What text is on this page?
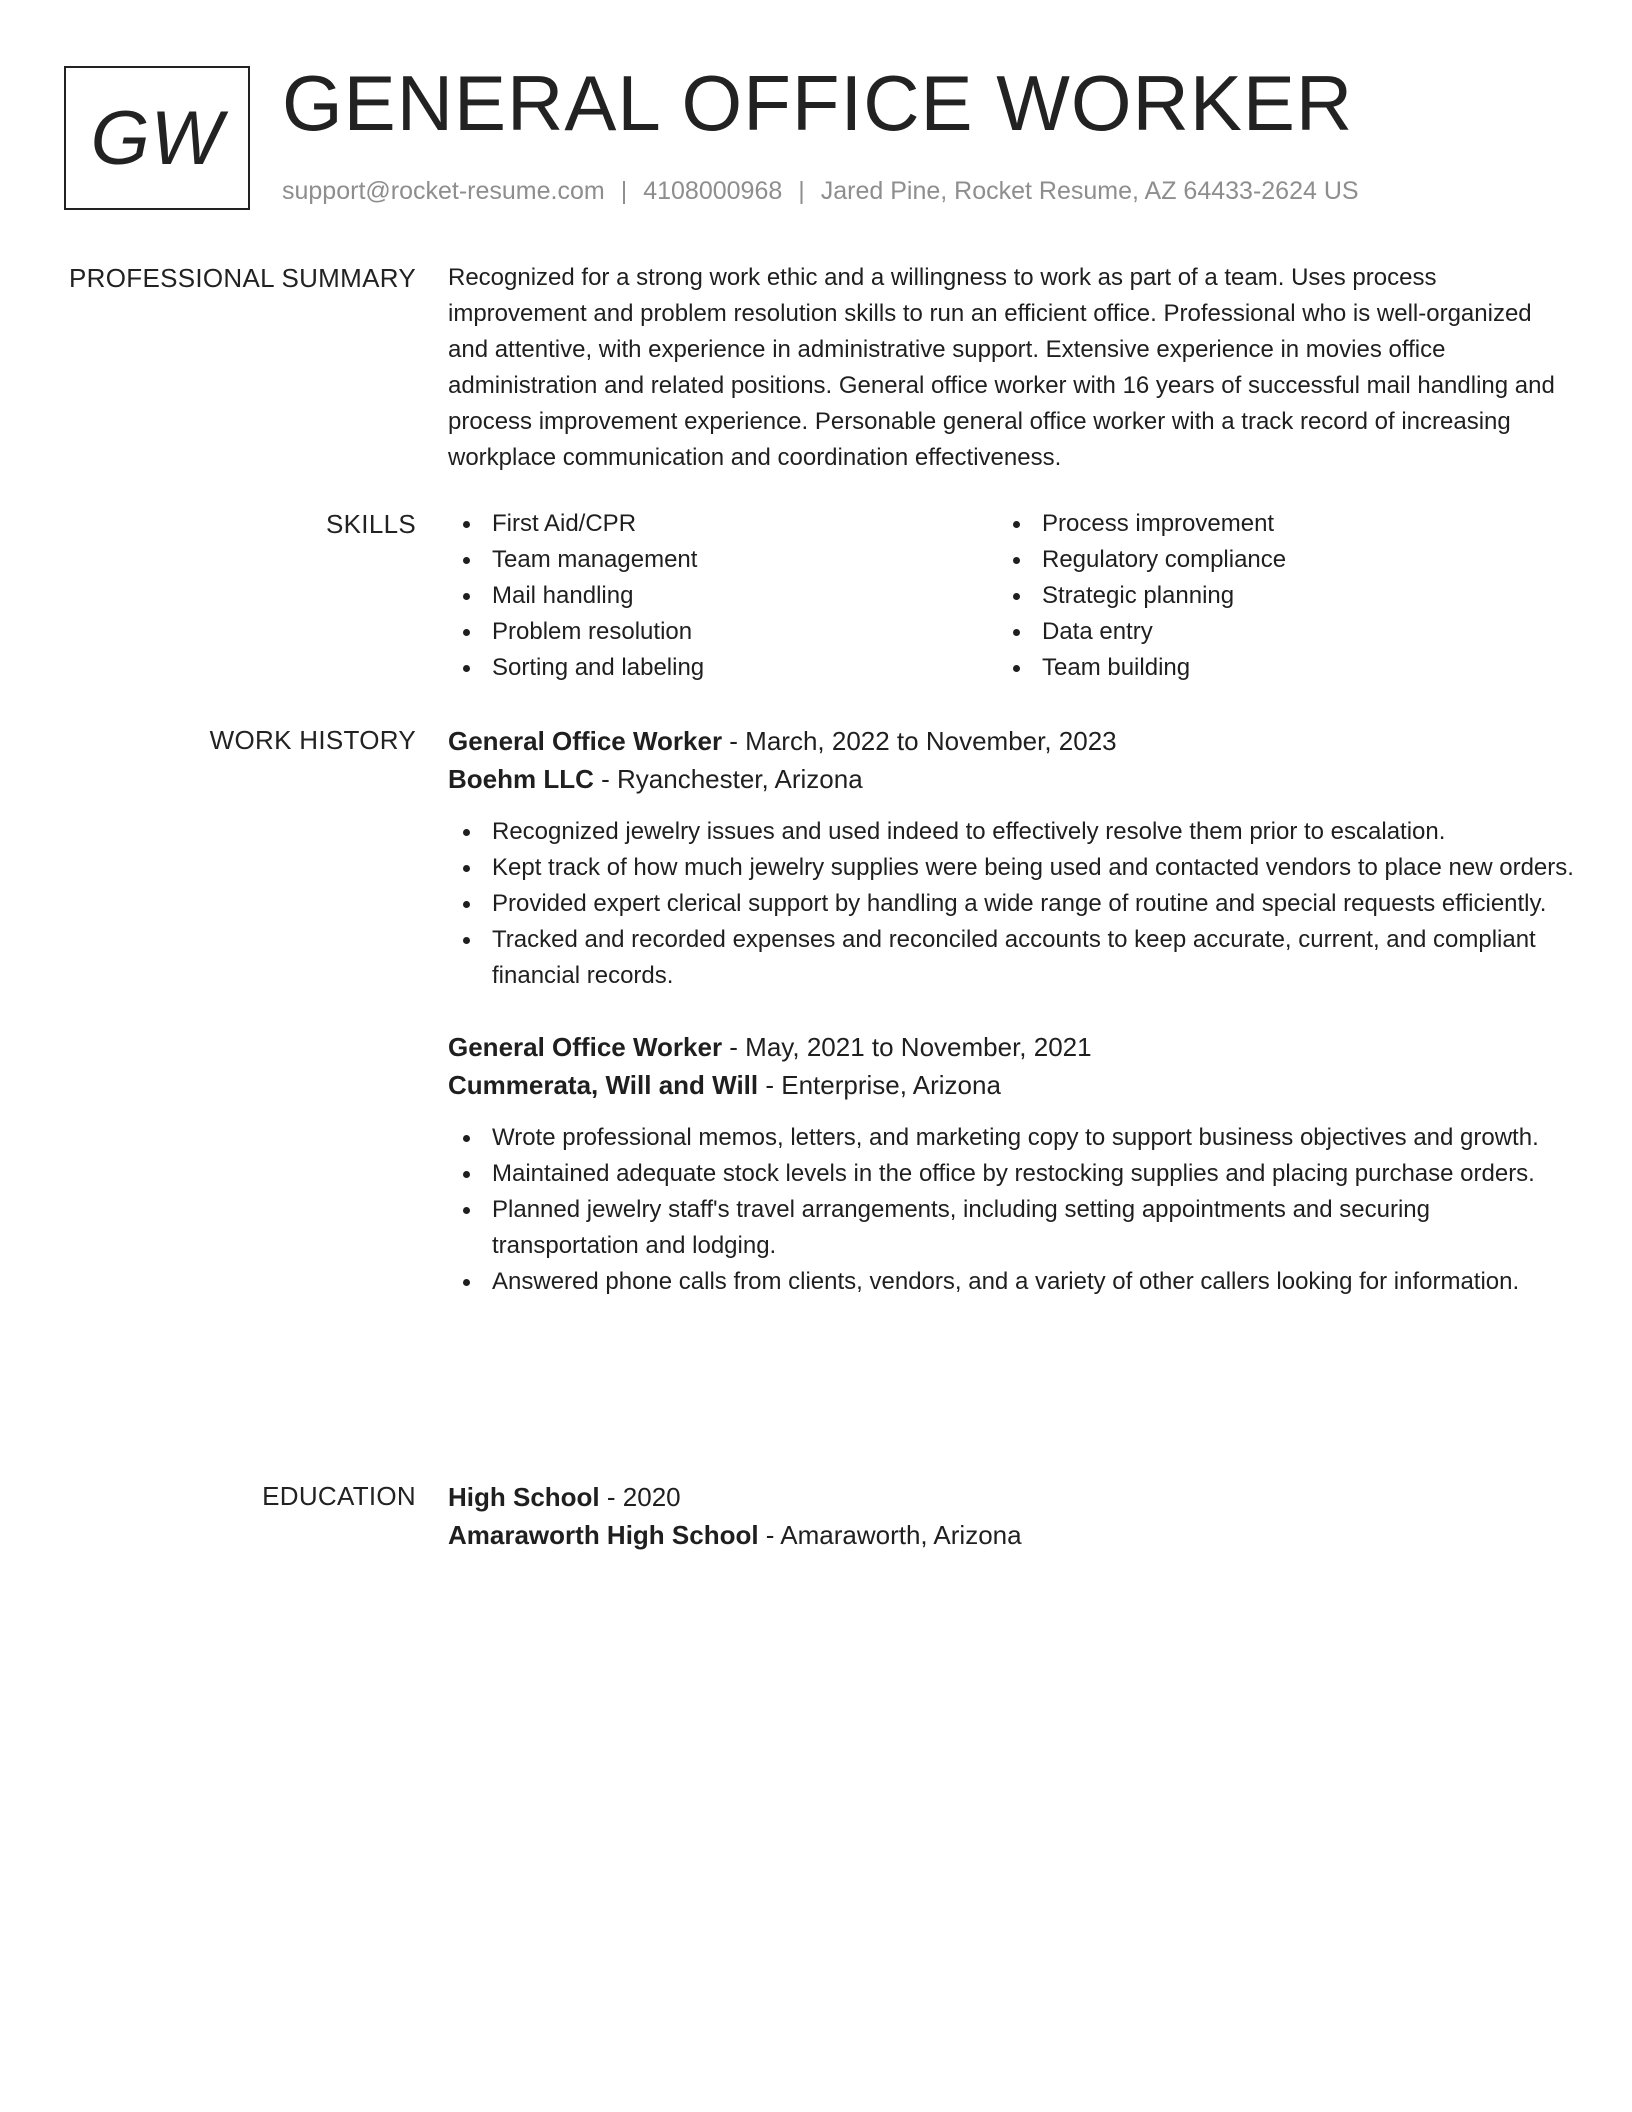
GW GENERAL OFFICE WORKER
support@rocket-resume.com | 4108000968 | Jared Pine, Rocket Resume, AZ 64433-2624 US
PROFESSIONAL SUMMARY Recognized for a strong work ethic and a willingness to work as part of a team. Uses process improvement and problem resolution skills to run an efficient office. Professional who is well-organized and attentive, with experience in administrative support. Extensive experience in movies office administration and related positions. General office worker with 16 years of successful mail handling and process improvement experience. Personable general office worker with a track record of increasing workplace communication and coordination effectiveness.
SKILLS	First Aid/CPR
Team management
Mail handling
Problem resolution
Sorting and labeling
Process improvement
Regulatory compliance
Strategic planning
Data entry
Team building
WORK HISTORY General Office Worker - March, 2022 to November, 2023
Boehm LLC - Ryanchester, Arizona
Recognized jewelry issues and used indeed to effectively resolve them prior to escalation.
Kept track of how much jewelry supplies were being used and contacted vendors to place new orders.
Provided expert clerical support by handling a wide range of routine and special requests efficiently.
Tracked and recorded expenses and reconciled accounts to keep accurate, current, and compliant financial records.
General Office Worker - May, 2021 to November, 2021
Cummerata, Will and Will - Enterprise, Arizona
Wrote professional memos, letters, and marketing copy to support business objectives and growth.
Maintained adequate stock levels in the office by restocking supplies and placing purchase orders.
Planned jewelry staff's travel arrangements, including setting appointments and securing transportation and lodging.
Answered phone calls from clients, vendors, and a variety of other callers looking for information.
EDUCATION High School - 2020
Amaraworth High School - Amaraworth, Arizona
